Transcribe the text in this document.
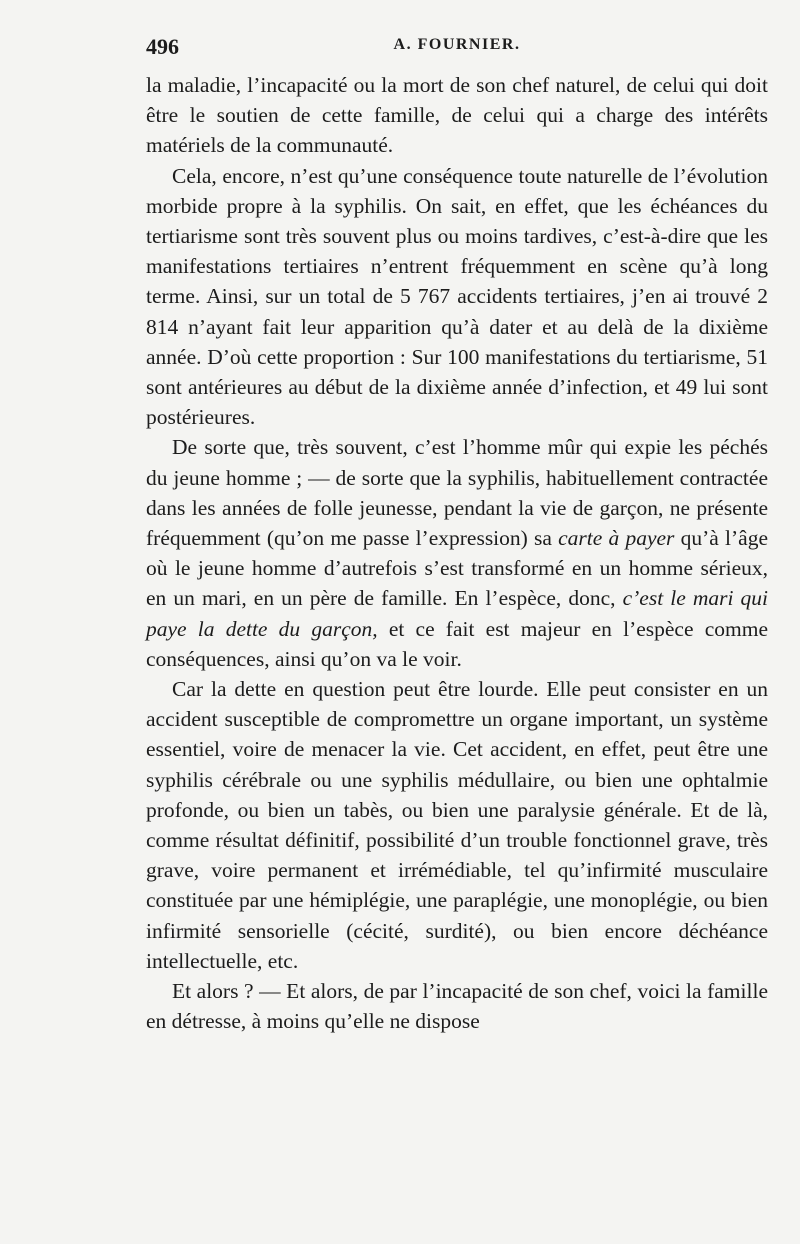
496	A. FOURNIER.

la maladie, l’incapacité ou la mort de son chef naturel, de celui qui doit être le soutien de cette famille, de celui qui a charge des intérêts matériels de la communauté.

Cela, encore, n’est qu’une conséquence toute naturelle de l’évolution morbide propre à la syphilis. On sait, en effet, que les échéances du tertiarisme sont très souvent plus ou moins tardives, c’est-à-dire que les manifestations tertiaires n’entrent fréquemment en scène qu’à long terme. Ainsi, sur un total de 5 767 accidents tertiaires, j’en ai trouvé 2 814 n’ayant fait leur apparition qu’à dater et au delà de la dixième année. D’où cette proportion : Sur 100 manifestations du tertiarisme, 51 sont antérieures au début de la dixième année d’infection, et 49 lui sont postérieures.

De sorte que, très souvent, c’est l’homme mûr qui expie les péchés du jeune homme ; — de sorte que la syphilis, habituellement contractée dans les années de folle jeunesse, pendant la vie de garçon, ne présente fréquemment (qu’on me passe l’expression) sa carte à payer qu’à l’âge où le jeune homme d’autrefois s’est transformé en un homme sérieux, en un mari, en un père de famille. En l’espèce, donc, c’est le mari qui paye la dette du garçon, et ce fait est majeur en l’espèce comme conséquences, ainsi qu’on va le voir.

Car la dette en question peut être lourde. Elle peut consister en un accident susceptible de compromettre un organe important, un système essentiel, voire de menacer la vie. Cet accident, en effet, peut être une syphilis cérébrale ou une syphilis médullaire, ou bien une ophtalmie profonde, ou bien un tabès, ou bien une paralysie générale. Et de là, comme résultat définitif, possibilité d’un trouble fonctionnel grave, très grave, voire permanent et irrémédiable, tel qu’infirmité musculaire constituée par une hémiplégie, une paraplégie, une monoplégie, ou bien infirmité sensorielle (cécité, surdité), ou bien encore déchéance intellectuelle, etc.

Et alors ? — Et alors, de par l’incapacité de son chef, voici la famille en détresse, à moins qu’elle ne dispose
